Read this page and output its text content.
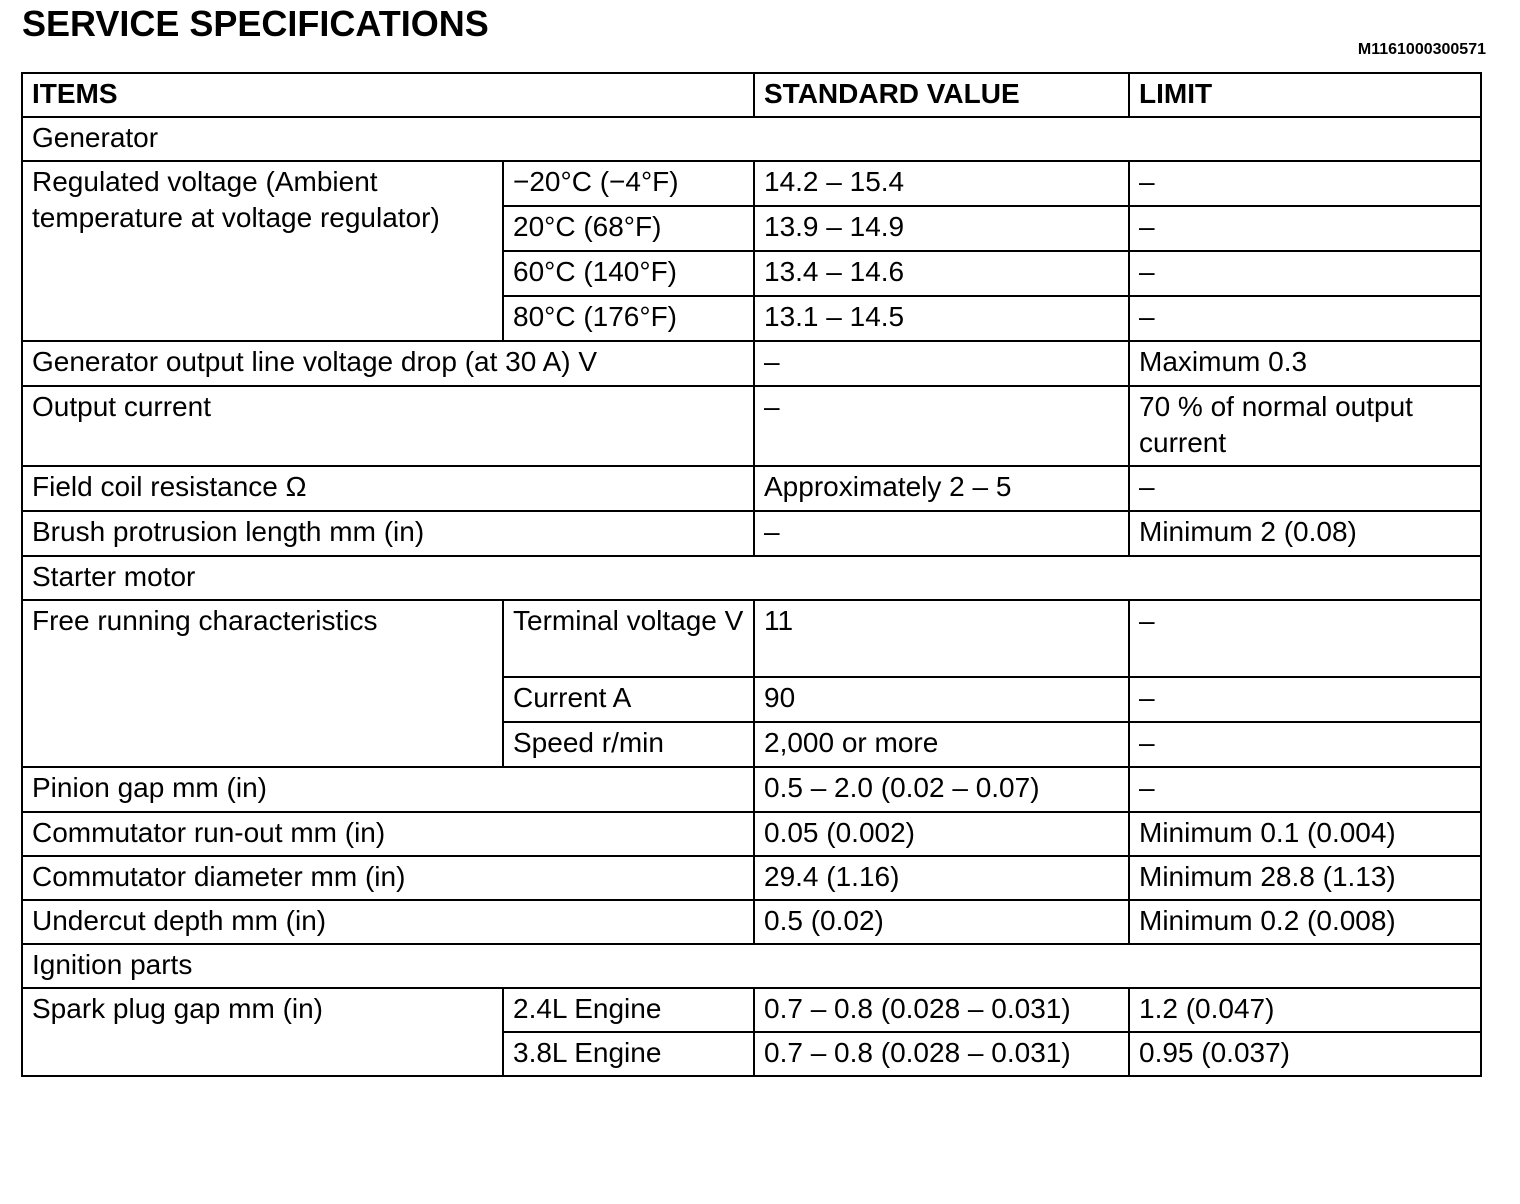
SERVICE SPECIFICATIONS
M1161000300571
ITEMS		STANDARD VALUE	LIMIT
Generator			
Regulated voltage (Ambient temperature at voltage regulator)	−20°C (−4°F)	14.2 – 15.4	–
	20°C (68°F)	13.9 – 14.9	–
	60°C (140°F)	13.4 – 14.6	–
	80°C (176°F)	13.1 – 14.5	–
Generator output line voltage drop (at 30 A) V		–	Maximum 0.3
Output current		–	70 % of normal output current
Field coil resistance Ω		Approximately 2 – 5	–
Brush protrusion length mm (in)		–	Minimum 2 (0.08)
Starter motor			
Free running characteristics	Terminal voltage V	11	–
	Current A	90	–
	Speed r/min	2,000 or more	–
Pinion gap mm (in)		0.5 – 2.0 (0.02 – 0.07)	–
Commutator run-out mm (in)		0.05 (0.002)	Minimum 0.1 (0.004)
Commutator diameter mm (in)		29.4 (1.16)	Minimum 28.8 (1.13)
Undercut depth mm (in)		0.5 (0.02)	Minimum 0.2 (0.008)
Ignition parts			
Spark plug gap mm (in)	2.4L Engine	0.7 – 0.8 (0.028 – 0.031)	1.2 (0.047)
	3.8L Engine	0.7 – 0.8 (0.028 – 0.031)	0.95 (0.037)
